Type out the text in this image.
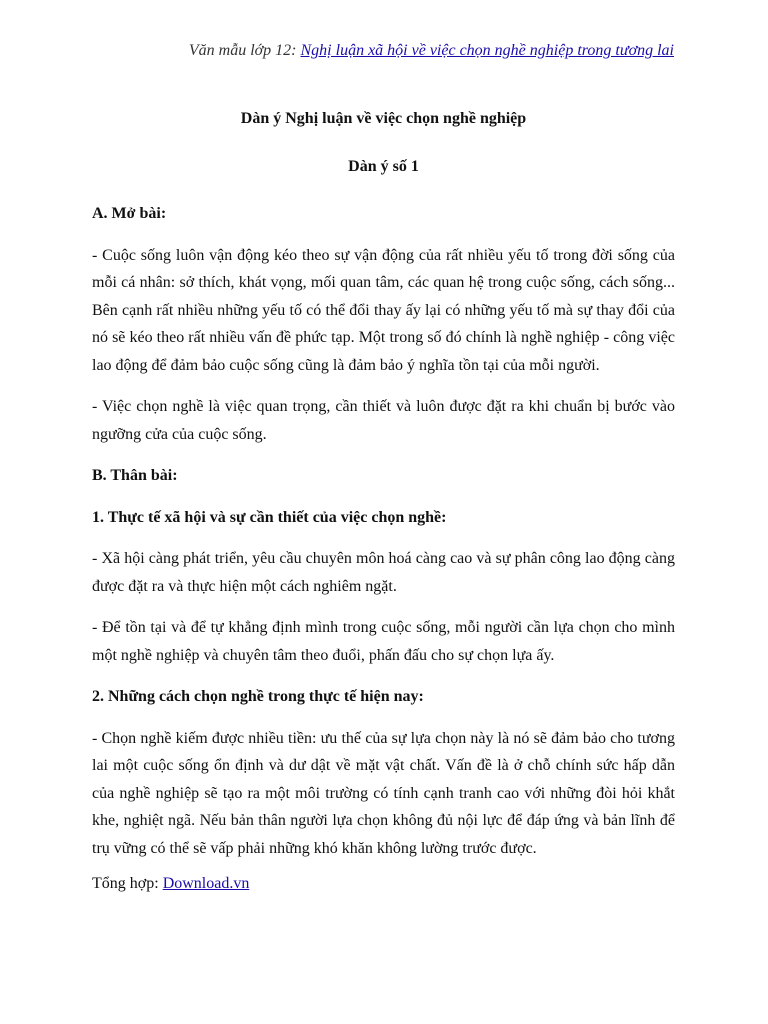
Văn mẫu lớp 12: Nghị luận xã hội về việc chọn nghề nghiệp trong tương lai
Dàn ý Nghị luận về việc chọn nghề nghiệp
Dàn ý số 1
A. Mở bài:
- Cuộc sống luôn vận động kéo theo sự vận động của rất nhiều yếu tố trong đời sống của mỗi cá nhân: sở thích, khát vọng, mối quan tâm, các quan hệ trong cuộc sống, cách sống... Bên cạnh rất nhiều những yếu tố có thể đổi thay ấy lại có những yếu tố mà sự thay đổi của nó sẽ kéo theo rất nhiều vấn đề phức tạp. Một trong số đó chính là nghề nghiệp - công việc lao động để đảm bảo cuộc sống cũng là đảm bảo ý nghĩa tồn tại của mỗi người.
- Việc chọn nghề là việc quan trọng, cần thiết và luôn được đặt ra khi chuẩn bị bước vào ngưỡng cửa của cuộc sống.
B. Thân bài:
1. Thực tế xã hội và sự cần thiết của việc chọn nghề:
- Xã hội càng phát triển, yêu cầu chuyên môn hoá càng cao và sự phân công lao động càng được đặt ra và thực hiện một cách nghiêm ngặt.
- Để tồn tại và để tự khẳng định mình trong cuộc sống, mỗi người cần lựa chọn cho mình một nghề nghiệp và chuyên tâm theo đuổi, phấn đấu cho sự chọn lựa ấy.
2. Những cách chọn nghề trong thực tế hiện nay:
- Chọn nghề kiếm được nhiều tiền: ưu thế của sự lựa chọn này là nó sẽ đảm bảo cho tương lai một cuộc sống ổn định và dư dật về mặt vật chất. Vấn đề là ở chỗ chính sức hấp dẫn của nghề nghiệp sẽ tạo ra một môi trường có tính cạnh tranh cao với những đòi hỏi khắt khe, nghiệt ngã. Nếu bản thân người lựa chọn không đủ nội lực để đáp ứng và bản lĩnh để trụ vững có thể sẽ vấp phải những khó khăn không lường trước được.
Tổng hợp: Download.vn
